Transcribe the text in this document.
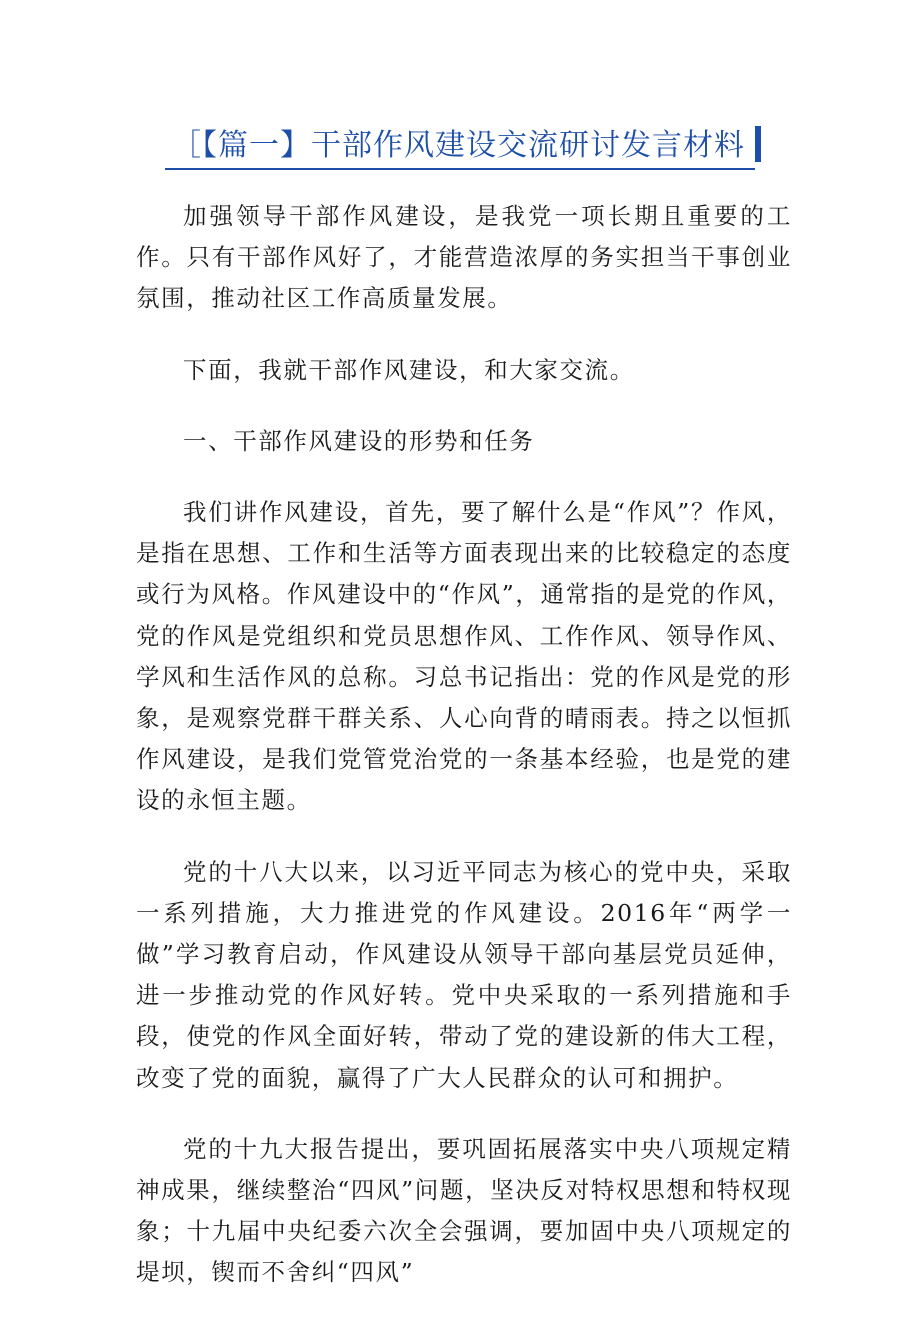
［【篇一】干部作风建设交流研讨发言材料

加强领导干部作风建设，是我党一项长期且重要的工作。只有干部作风好了，才能营造浓厚的务实担当干事创业氛围，推动社区工作高质量发展。

下面，我就干部作风建设，和大家交流。

一、干部作风建设的形势和任务

我们讲作风建设，首先，要了解什么是“作风”？作风，是指在思想、工作和生活等方面表现出来的比较稳定的态度或行为风格。作风建设中的“作风”，通常指的是党的作风，党的作风是党组织和党员思想作风、工作作风、领导作风、学风和生活作风的总称。习总书记指出：党的作风是党的形象，是观察党群干群关系、人心向背的晴雨表。持之以恒抓作风建设，是我们党管党治党的一条基本经验，也是党的建设的永恒主题。

党的十八大以来，以习近平同志为核心的党中央，采取一系列措施，大力推进党的作风建设。2016年“两学一做”学习教育启动，作风建设从领导干部向基层党员延伸，进一步推动党的作风好转。党中央采取的一系列措施和手段，使党的作风全面好转，带动了党的建设新的伟大工程，改变了党的面貌，赢得了广大人民群众的认可和拥护。

党的十九大报告提出，要巩固拓展落实中央八项规定精神成果，继续整治“四风”问题，坚决反对特权思想和特权现象；十九届中央纪委六次全会强调，要加固中央八项规定的堤坝，锲而不舍纠“四风”
